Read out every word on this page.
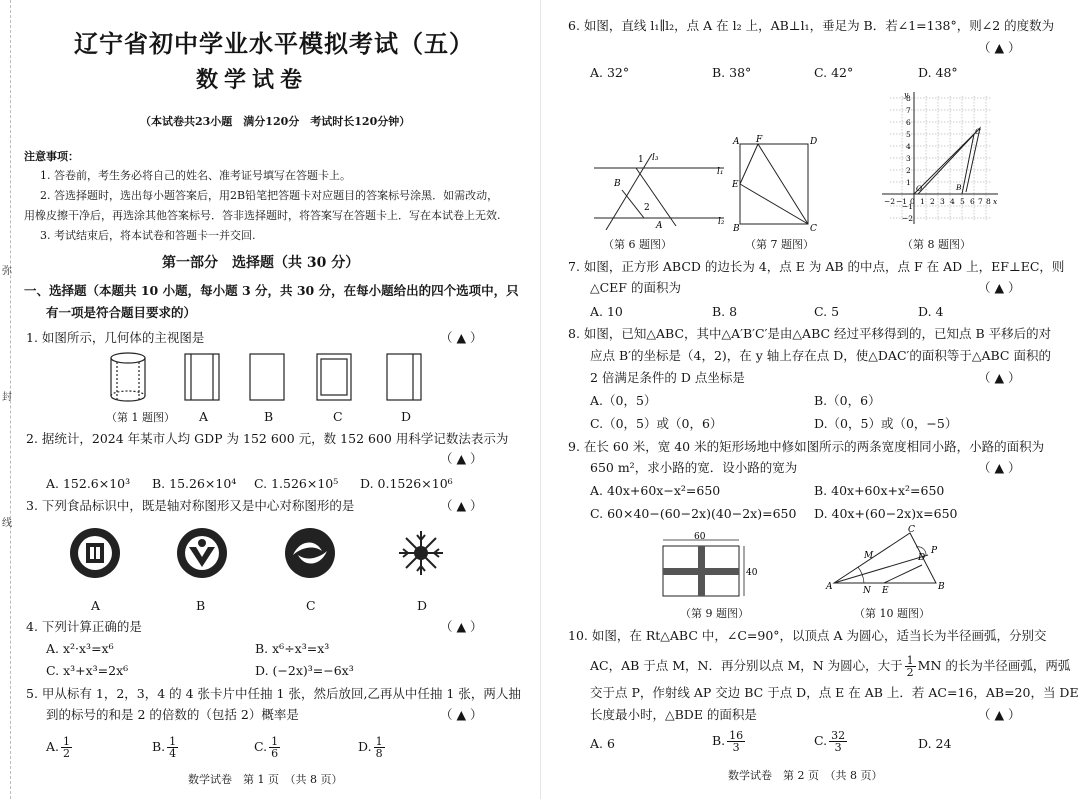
弥
封
线
辽宁省初中学业水平模拟考试（五）
数学试卷
（本试卷共23小题　满分120分　考试时长120分钟）
注意事项：
1. 答卷前，考生务必将自己的姓名、准考证号填写在答题卡上。
2. 答选择题时，选出每小题答案后，用2B铅笔把答题卡对应题目的答案标号涂黑．如需改动，
用橡皮擦干净后，再选涂其他答案标号．答非选择题时，将答案写在答题卡上．写在本试卷上无效.
3. 考试结束后，将本试卷和答题卡一并交回.
第一部分　选择题（共 30 分）
一、选择题（本题共 10 小题，每小题 3 分，共 30 分，在每小题给出的四个选项中，只
有一项是符合题目要求的）
1. 如图所示，几何体的主视图是	（ ▲ ）
（第 1 题图） A	B	C	D
2. 据统计，2024 年某市人均 GDP 为 152 600 元，数 152 600 用科学记数法表示为
（ ▲ ）
A. 152.6×10³ B. 15.26×10⁴ C. 1.526×10⁵ D. 0.1526×10⁶
3. 下列食品标识中，既是轴对称图形又是中心对称图形的是	（ ▲ ）
A	B	C	D
4. 下列计算正确的是	（ ▲ ）
A. x²·x³=x⁶	B. x⁶÷x³=x³
C. x³+x³=2x⁶	D. (−2x)³=−6x³
5. 甲从标有 1，2，3，4 的 4 张卡片中任抽 1 张，然后放回,乙再从中任抽 1 张，两人抽
到的标号的和是 2 的倍数的（包括 2）概率是	（ ▲ ）
A. $\frac{1}{2}$	B. $\frac{1}{4}$	C. $\frac{1}{6}$	D. $\frac{1}{8}$
数学试卷　第 1 页　（共 8 页）
6. 如图，直线 l₁∥l₂，点 A 在 l₂ 上，AB⊥l₁，垂足为 B．若∠1=138°，则∠2 的度数为
（ ▲ ）
A. 32°	B. 38°	C. 42°	D. 48°
1 l₃
l₁
B
2
A	l₂
（第 6 题图）
A F	D
E
B	C
（第 7 题图）
y
x
C
B
O
8
7
6
5
4
3
2
1
−1
−2
−2 −1 0 1 2 3 4 5 6 7 8
（第 8 题图）
7. 如图，正方形 ABCD 的边长为 4，点 E 为 AB 的中点，点 F 在 AD 上，EF⊥EC，则
△CEF 的面积为	（ ▲ ）
A. 10	B. 8	C. 5	D. 4
8. 如图，已知△ABC，其中△A′B′C′是由△ABC 经过平移得到的，已知点 B 平移后的对
应点 B′的坐标是（4，2)，在 y 轴上存在点 D，使△DAC′的面积等于△ABC 面积的
2 倍满足条件的 D 点坐标是	（ ▲ ）
A.（0，5）	B.（0，6）
C.（0，5）或（0，6）	D.（0，5）或（0，−5）
9. 在长 60 米，宽 40 米的矩形场地中修如图所示的两条宽度相同小路，小路的面积为
650 m²，求小路的宽．设小路的宽为	（ ▲ ）
A. 40x+60x−x²=650	B. 40x+60x+x²=650
C. 60×40−(60−2x)(40−2x)=650 D. 40x+(60−2x)x=650
60
40
（第 9 题图）
C
D
P
M
A	N E	B
（第 10 题图）
10. 如图，在 Rt△ABC 中，∠C=90°，以顶点 A 为圆心，适当长为半径画弧，分别交
AC，AB 于点 M，N．再分别以点 M，N 为圆心，大于 $\frac{1}{2}$ MN 的长为半径画弧，两弧
交于点 P，作射线 AP 交边 BC 于点 D，点 E 在 AB 上．若 AC=16，AB=20，当 DE
长度最小时，△BDE 的面积是	（ ▲ ）
A. 6	B. $\frac{16}{3}$	C. $\frac{32}{3}$	D. 24
数学试卷　第 2 页　（共 8 页）
